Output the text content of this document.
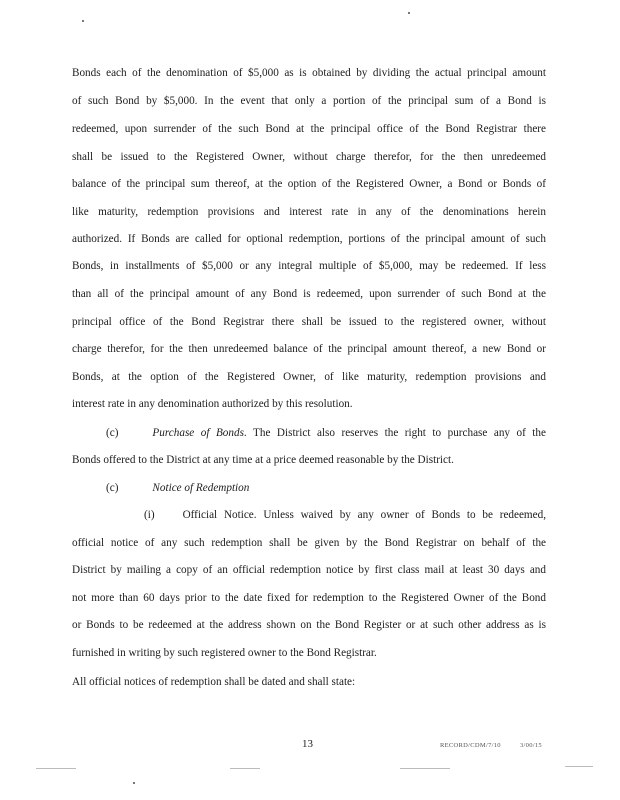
Bonds each of the denomination of $5,000 as is obtained by dividing the actual principal amount
of such Bond by $5,000. In the event that only a portion of the principal sum of a Bond is
redeemed, upon surrender of the such Bond at the principal office of the Bond Registrar there
shall be issued to the Registered Owner, without charge therefor, for the then unredeemed
balance of the principal sum thereof, at the option of the Registered Owner, a Bond or Bonds of
like maturity, redemption provisions and interest rate in any of the denominations herein
authorized. If Bonds are called for optional redemption, portions of the principal amount of such
Bonds, in installments of $5,000 or any integral multiple of $5,000, may be redeemed. If less
than all of the principal amount of any Bond is redeemed, upon surrender of such Bond at the
principal office of the Bond Registrar there shall be issued to the registered owner, without
charge therefor, for the then unredeemed balance of the principal amount thereof, a new Bond or
Bonds, at the option of the Registered Owner, of like maturity, redemption provisions and
interest rate in any denomination authorized by this resolution.
(c)	Purchase of Bonds. The District also reserves the right to purchase any of the
Bonds offered to the District at any time at a price deemed reasonable by the District.
(c)	Notice of Redemption
(i)	Official Notice. Unless waived by any owner of Bonds to be redeemed,
official notice of any such redemption shall be given by the Bond Registrar on behalf of the
District by mailing a copy of an official redemption notice by first class mail at least 30 days and
not more than 60 days prior to the date fixed for redemption to the Registered Owner of the Bond
or Bonds to be redeemed at the address shown on the Bond Register or at such other address as is
furnished in writing by such registered owner to the Bond Registrar.
All official notices of redemption shall be dated and shall state:
13	RECORD/CDM/7/10	3/00/15
